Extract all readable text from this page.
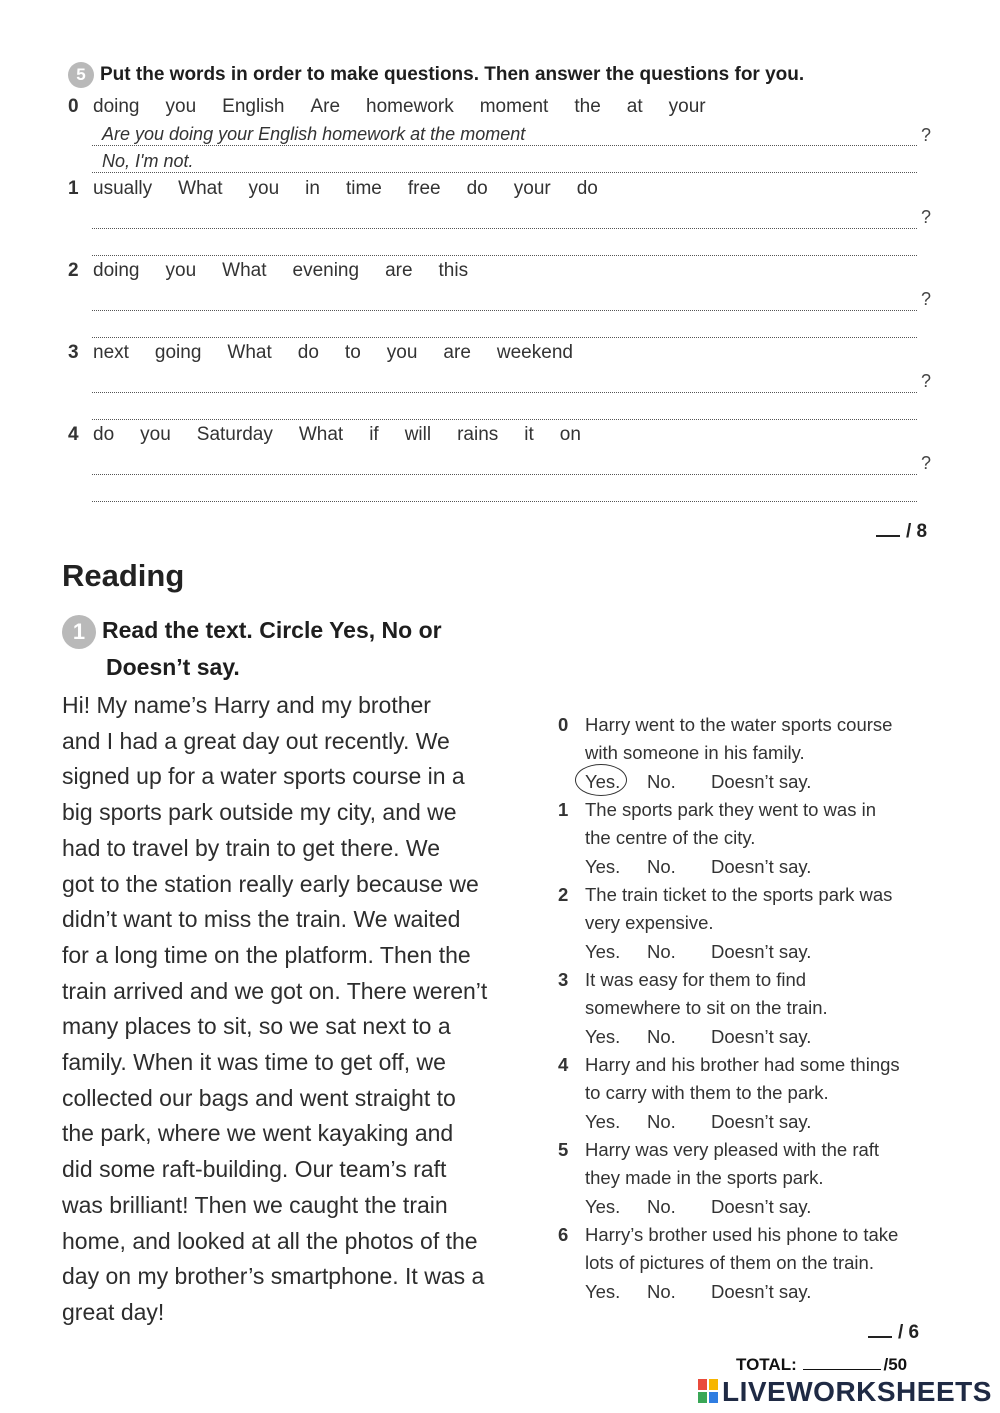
5 Put the words in order to make questions. Then answer the questions for you.
0 doing you English Are homework moment the at your
Are you doing your English homework at the moment	?
No, I'm not.
1 usually What you in time free do your do
?
2 doing you What evening are this
?
3 next going What do to you are weekend
?
4 do you Saturday What if will rains it on
?
/ 8
Reading
1 Read the text. Circle Yes, No or
Doesn’t say.
Hi! My name’s Harry and my brother
and I had a great day out recently. We
signed up for a water sports course in a
big sports park outside my city, and we
had to travel by train to get there. We
got to the station really early because we
didn’t want to miss the train. We waited
for a long time on the platform. Then the
train arrived and we got on. There weren’t
many places to sit, so we sat next to a
family. When it was time to get off, we
collected our bags and went straight to
the park, where we went kayaking and
did some raft-building. Our team’s raft
was brilliant! Then we caught the train
home, and looked at all the photos of the
day on my brother’s smartphone. It was a
great day!
0 Harry went to the water sports course
with someone in his family.
Yes. No. Doesn’t say.
1 The sports park they went to was in
the centre of the city.
Yes. No. Doesn’t say.
2 The train ticket to the sports park was
very expensive.
Yes. No. Doesn’t say.
3 It was easy for them to find
somewhere to sit on the train.
Yes. No. Doesn’t say.
4 Harry and his brother had some things
to carry with them to the park.
Yes. No. Doesn’t say.
5 Harry was very pleased with the raft
they made in the sports park.
Yes. No. Doesn’t say.
6 Harry’s brother used his phone to take
lots of pictures of them on the train.
Yes. No. Doesn’t say.
/ 6
TOTAL:	/50
LIVEWORKSHEETS
